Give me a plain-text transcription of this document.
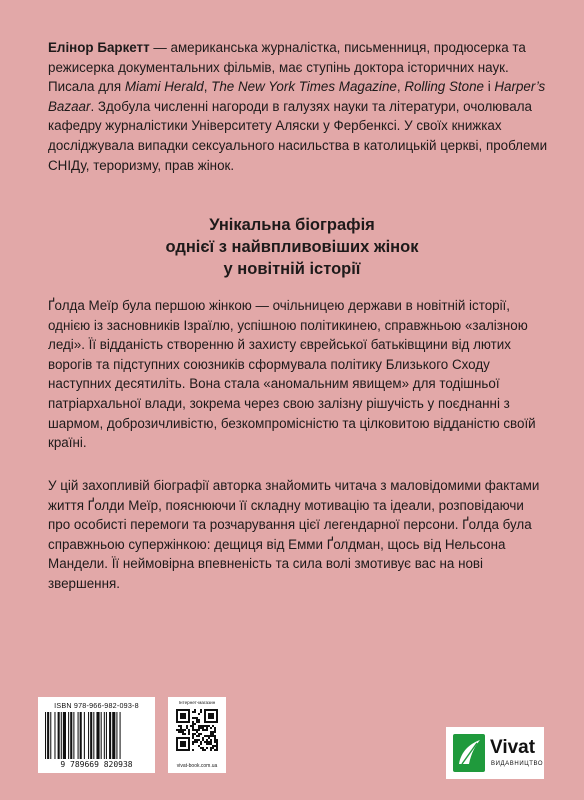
Елінор Баркетт — американська журналістка, письменниця, продюсерка та режисерка документальних фільмів, має ступінь доктора історичних наук. Писала для Miami Herald, The New York Times Magazine, Rolling Stone і Harper’s Bazaar. Здобула численні нагороди в галузях науки та літератури, очолювала кафедру журналістики Університету Аляски у Фербенксі. У своїх книжках досліджувала випадки сексуального насильства в католицькій церкві, проблеми СНІДу, тероризму, прав жінок.
Унікальна біографія
однієї з найвпливовіших жінок
у новітній історії
Ґолда Меїр була першою жінкою — очільницею держави в новітній історії, однією із засновників Ізраїлю, успішною політикинею, справжньою «залізною леді». Її відданість створенню й захисту єврейської батьківщини від лютих ворогів та підступних союзників сформувала політику Близького Сходу наступних десятиліть. Вона стала «аномальним явищем» для тодішньої патріархальної влади, зокрема через свою залізну рішучість у поєднанні з шармом, доброзичливістю, безкомпромісністю та цілковитою відданістю своїй країні.
У цій захопливій біографії авторка знайомить читача з маловідомими фактами життя Ґолди Меїр, пояснюючи її складну мотивацію та ідеали, розповідаючи про особисті перемоги та розчарування цієї легендарної персони. Ґолда була справжньою супержінкою: дещиця від Емми Ґолдман, щось від Нельсона Мандели. Її неймовірна впевненість та сила волі змотивує вас на нові звершення.
ISBN 978-966-982-093-8
9 789669 820938
Інтернет-магазин
vivat-book.com.ua
Vivat
ВИДАВНИЦТВО
